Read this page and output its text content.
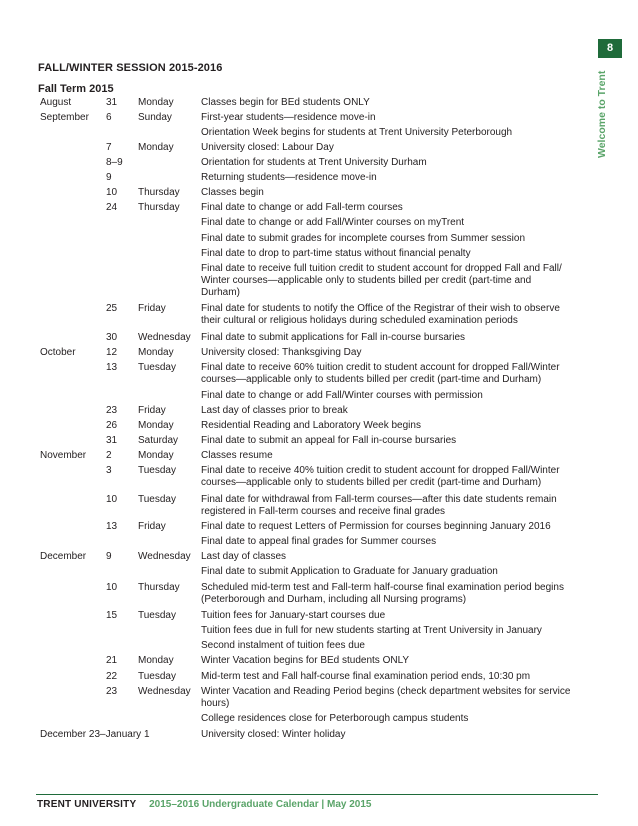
8
Welcome to Trent
FALL/WINTER SESSION 2015-2016
Fall Term 2015
August	31 Monday	Classes begin for BEd students ONLY
September 6	Sunday	First-year students—residence move-in
Orientation Week begins for students at Trent University Peterborough
7	Monday	University closed: Labour Day
8–9	Orientation for students at Trent University Durham
9	Returning students—residence move-in
10 Thursday Classes begin
24 Thursday Final date to change or add Fall-term courses
Final date to change or add Fall/Winter courses on myTrent
Final date to submit grades for incomplete courses from Summer session
Final date to drop to part-time status without financial penalty
Final date to receive full tuition credit to student account for dropped Fall and Fall/ Winter courses—applicable only to students billed per credit (part-time and Durham)
25 Friday	Final date for students to notify the Office of the Registrar of their wish to observe their cultural or religious holidays during scheduled examination periods
30 Wednesday Final date to submit applications for Fall in-course bursaries
October	12 Monday	University closed: Thanksgiving Day
13 Tuesday	Final date to receive 60% tuition credit to student account for dropped Fall/Winter courses—applicable only to students billed per credit (part-time and Durham)
Final date to change or add Fall/Winter courses with permission
23 Friday	Last day of classes prior to break
26 Monday	Residential Reading and Laboratory Week begins
31 Saturday Final date to submit an appeal for Fall in-course bursaries
November 2	Monday	Classes resume
3	Tuesday	Final date to receive 40% tuition credit to student account for dropped Fall/Winter courses—applicable only to students billed per credit (part-time and Durham)
10 Tuesday	Final date for withdrawal from Fall-term courses—after this date students remain registered in Fall-term courses and receive final grades
13 Friday	Final date to request Letters of Permission for courses beginning January 2016
Final date to appeal final grades for Summer courses
December 9	Wednesday Last day of classes
Final date to submit Application to Graduate for January graduation
10 Thursday Scheduled mid-term test and Fall-term half-course final examination period begins (Peterborough and Durham, including all Nursing programs)
15 Tuesday	Tuition fees for January-start courses due
Tuition fees due in full for new students starting at Trent University in January
Second instalment of tuition fees due
21 Monday	Winter Vacation begins for BEd students ONLY
22 Tuesday	Mid-term test and Fall half-course final examination period ends, 10:30 pm
23 Wednesday Winter Vacation and Reading Period begins (check department websites for service hours)
College residences close for Peterborough campus students
December 23–January 1	University closed: Winter holiday
TRENT UNIVERSITY 2015–2016 Undergraduate Calendar | May 2015
